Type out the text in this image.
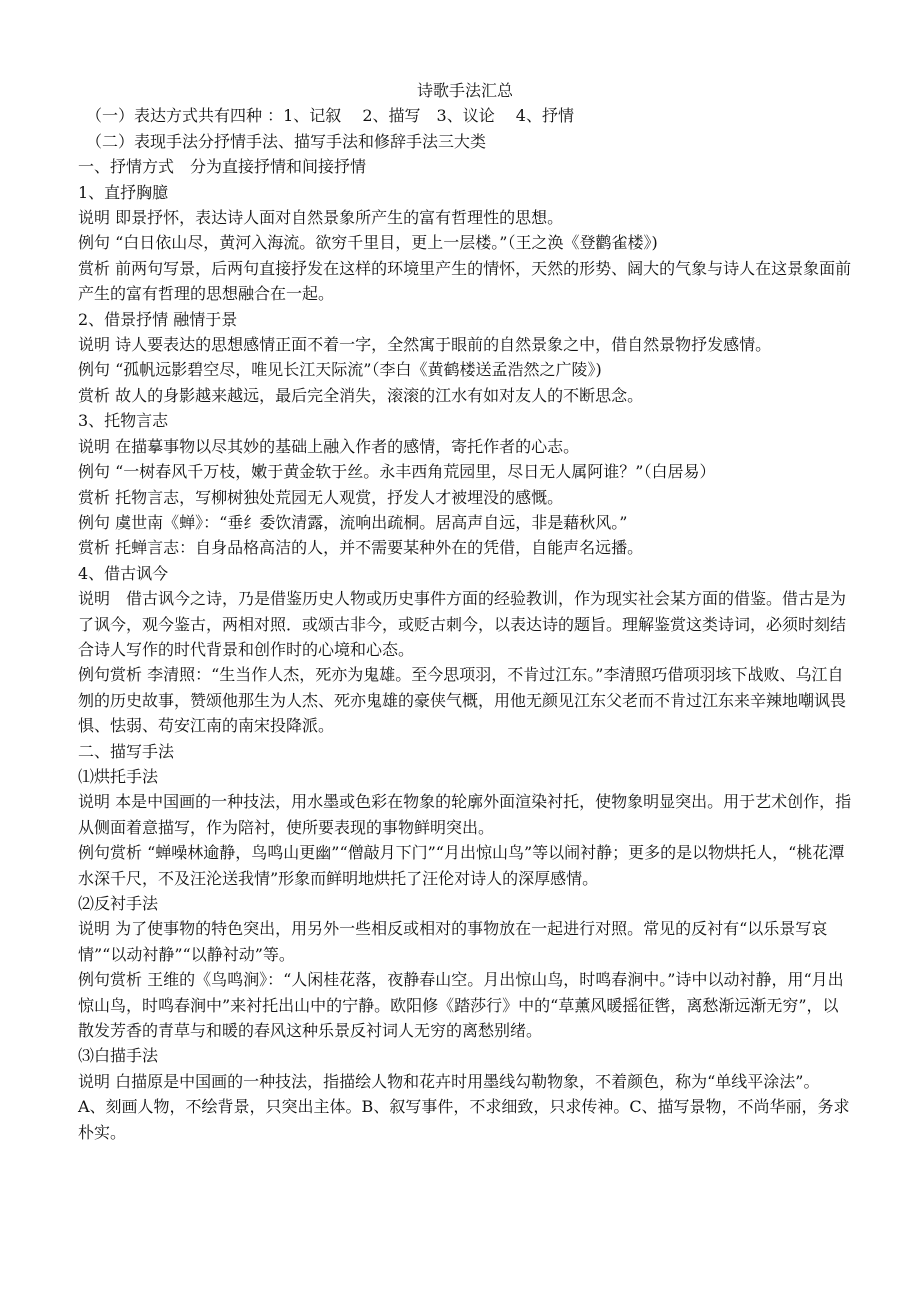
诗歌手法汇总

（一）表达方式共有四种 ：1、记叙　 2、描写　3、议论　 4、抒情

（二）表现手法分抒情手法、描写手法和修辞手法三大类

一、抒情方式　分为直接抒情和间接抒情

1、直抒胸臆

说明 即景抒怀，表达诗人面对自然景象所产生的富有哲理性的思想。

例句 “白日依山尽，黄河入海流。欲穷千里目，更上一层楼。”（王之涣《登鹳雀楼》)

赏析 前两句写景，后两句直接抒发在这样的环境里产生的情怀，天然的形势、阔大的气象与诗人在这景象面前产生的富有哲理的思想融合在一起。

2、借景抒情 融情于景

说明 诗人要表达的思想感情正面不着一字，全然寓于眼前的自然景象之中，借自然景物抒发感情。

例句 “孤帆远影碧空尽，唯见长江天际流”（李白《黄鹤楼送孟浩然之广陵》)

赏析 故人的身影越来越远，最后完全消失，滚滚的江水有如对友人的不断思念。

3、托物言志

说明 在描摹事物以尽其妙的基础上融入作者的感情，寄托作者的心志。

例句 “一树春风千万枝，嫩于黄金软于丝。永丰西角荒园里，尽日无人属阿谁？”（白居易）

赏析 托物言志，写柳树独处荒园无人观赏，抒发人才被埋没的感慨。

例句 虞世南《蝉》：“垂纟委饮清露，流响出疏桐。居高声自远，非是藉秋风。”

赏析 托蝉言志：自身品格高洁的人，并不需要某种外在的凭借，自能声名远播。

4、借古讽今

说明　借古讽今之诗，乃是借鉴历史人物或历史事件方面的经验教训，作为现实社会某方面的借鉴。借古是为了讽今，观今鉴古，两相对照．或颂古非今，或贬古刺今，以表达诗的题旨。理解鉴赏这类诗词，必须时刻结合诗人写作的时代背景和创作时的心境和心态。

例句赏析 李清照：“生当作人杰，死亦为鬼雄。至今思项羽，不肯过江东。”李清照巧借项羽垓下战败、乌江自刎的历史故事，赞颂他那生为人杰、死亦鬼雄的豪侠气概，用他无颜见江东父老而不肯过江东来辛辣地嘲讽畏惧、怯弱、苟安江南的南宋投降派。

二、描写手法

⑴烘托手法

说明 本是中国画的一种技法，用水墨或色彩在物象的轮廓外面渲染衬托，使物象明显突出。用于艺术创作，指从侧面着意描写，作为陪衬，使所要表现的事物鲜明突出。

例句赏析 “蝉噪林逾静，鸟鸣山更幽”“僧敲月下门”“月出惊山鸟”等以闹衬静；更多的是以物烘托人，“桃花潭水深千尺，不及汪沦送我情”形象而鲜明地烘托了汪伦对诗人的深厚感情。

⑵反衬手法

说明 为了使事物的特色突出，用另外一些相反或相对的事物放在一起进行对照。常见的反衬有“以乐景写哀情”“以动衬静”“以静衬动”等。

例句赏析 王维的《鸟鸣涧》：“人闲桂花落，夜静春山空。月出惊山鸟，时鸣春涧中。”诗中以动衬静，用“月出惊山鸟，时鸣春涧中”来衬托出山中的宁静。欧阳修《踏莎行》中的“草薰风暖摇征辔，离愁渐远渐无穷”，以散发芳香的青草与和暖的春风这种乐景反衬词人无穷的离愁别绪。

⑶白描手法

说明 白描原是中国画的一种技法，指描绘人物和花卉时用墨线勾勒物象，不着颜色，称为“单线平涂法”。 A、刻画人物，不绘背景，只突出主体。B、叙写事件，不求细致，只求传神。C、描写景物，不尚华丽，务求朴实。
